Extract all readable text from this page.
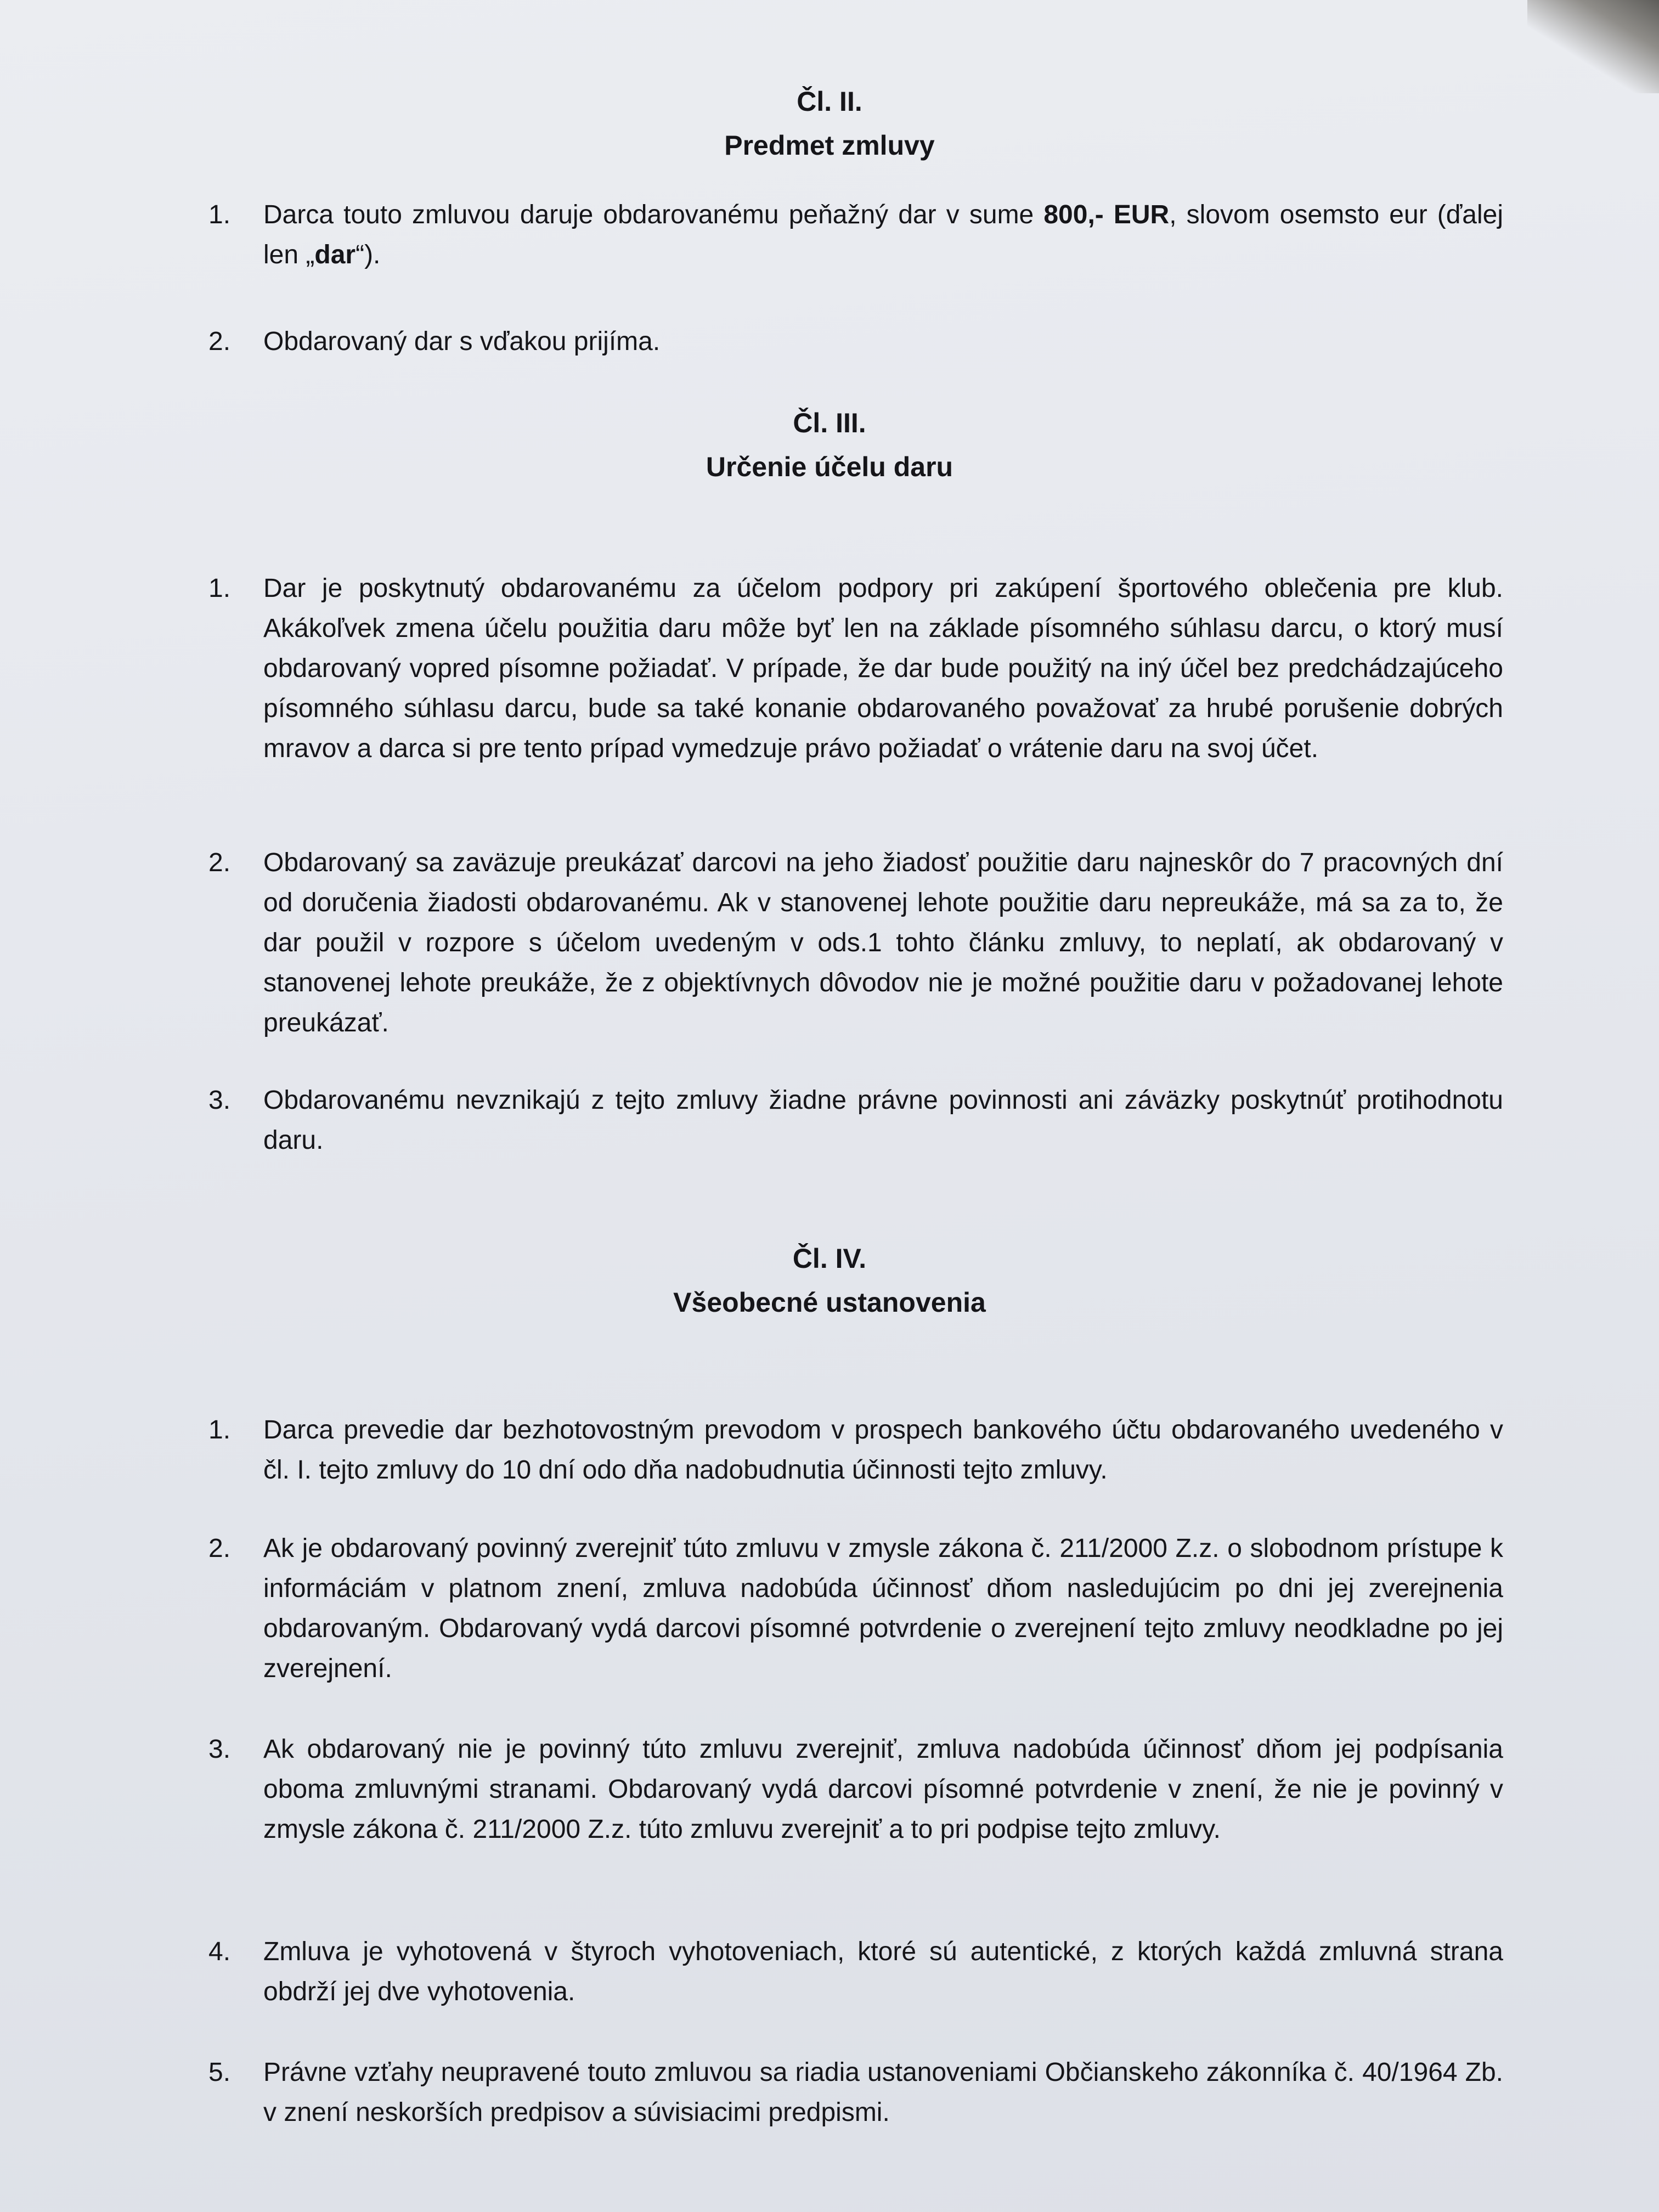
Čl. II.
Predmet zmluvy
1. Darca touto zmluvou daruje obdarovanému peňažný dar v sume 800,- EUR, slovom osemsto eur (ďalej len „dar“).
2. Obdarovaný dar s vďakou prijíma.
Čl. III.
Určenie účelu daru
1. Dar je poskytnutý obdarovanému za účelom podpory pri zakúpení športového oblečenia pre klub. Akákoľvek zmena účelu použitia daru môže byť len na základe písomného súhlasu darcu, o ktorý musí obdarovaný vopred písomne požiadať. V prípade, že dar bude použitý na iný účel bez predchádzajúceho písomného súhlasu darcu, bude sa také konanie obdarovaného považovať za hrubé porušenie dobrých mravov a darca si pre tento prípad vymedzuje právo požiadať o vrátenie daru na svoj účet.
2. Obdarovaný sa zaväzuje preukázať darcovi na jeho žiadosť použitie daru najneskôr do 7 pracovných dní od doručenia žiadosti obdarovanému. Ak v stanovenej lehote použitie daru nepreukáže, má sa za to, že dar použil v rozpore s účelom uvedeným v ods.1 tohto článku zmluvy, to neplatí, ak obdarovaný v stanovenej lehote preukáže, že z objektívnych dôvodov nie je možné použitie daru v požadovanej lehote preukázať.
3. Obdarovanému nevznikajú z tejto zmluvy žiadne právne povinnosti ani záväzky poskytnúť protihodnotu daru.
Čl. IV.
Všeobecné ustanovenia
1. Darca prevedie dar bezhotovostným prevodom v prospech bankového účtu obdarovaného uvedeného v čl. I. tejto zmluvy do 10 dní odo dňa nadobudnutia účinnosti tejto zmluvy.
2. Ak je obdarovaný povinný zverejniť túto zmluvu v zmysle zákona č. 211/2000 Z.z. o slobodnom prístupe k informáciám v platnom znení, zmluva nadobúda účinnosť dňom nasledujúcim po dni jej zverejnenia obdarovaným. Obdarovaný vydá darcovi písomné potvrdenie o zverejnení tejto zmluvy neodkladne po jej zverejnení.
3. Ak obdarovaný nie je povinný túto zmluvu zverejniť, zmluva nadobúda účinnosť dňom jej podpísania oboma zmluvnými stranami. Obdarovaný vydá darcovi písomné potvrdenie v znení, že nie je povinný v zmysle zákona č. 211/2000 Z.z. túto zmluvu zverejniť a to pri podpise tejto zmluvy.
4. Zmluva je vyhotovená v štyroch vyhotoveniach, ktoré sú autentické, z ktorých každá zmluvná strana obdrží jej dve vyhotovenia.
5. Právne vzťahy neupravené touto zmluvou sa riadia ustanoveniami Občianskeho zákonníka č. 40/1964 Zb. v znení neskorších predpisov a súvisiacimi predpismi.
